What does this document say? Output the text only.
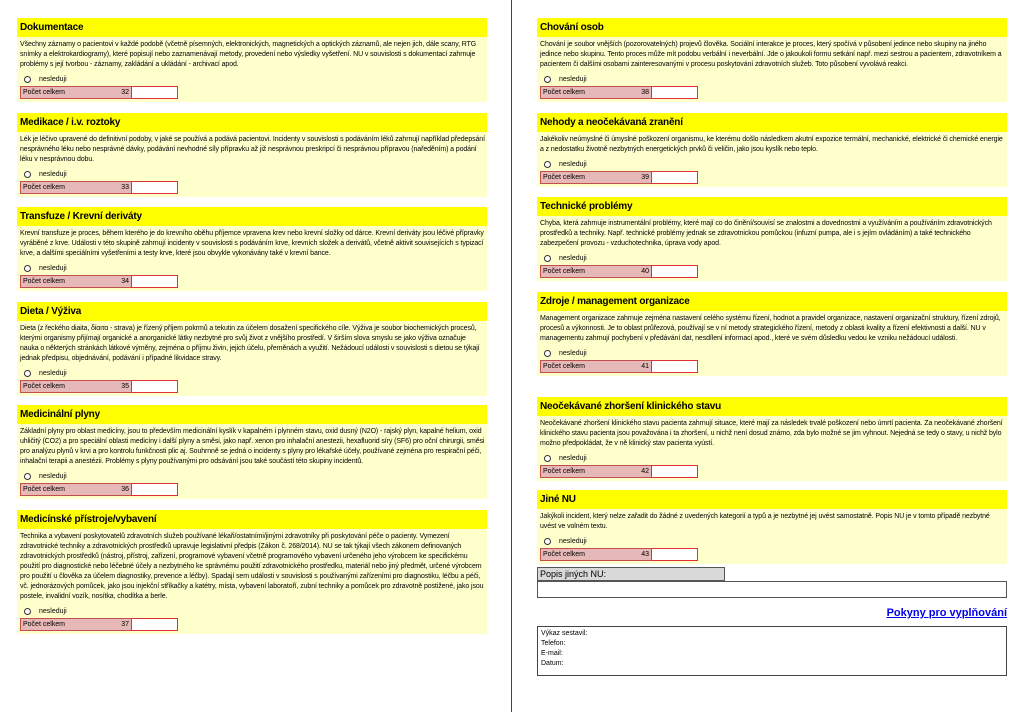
Dokumentace
Všechny záznamy o pacientovi v každé podobě (včetně písemných, elektronických, magnetických a optických záznamů, ale nejen jich, dále scany, RTG snímky a elektrokardiogramy), které popisují nebo zaznamenávají metody, provedení nebo výsledky vyšetření. NU v souvislosti s dokumentací zahrnuje problémy s její tvorbou - záznamy, zakládání a ukládání - archivací apod.
nesleduji
Počet celkem	32
Medikace / i.v. roztoky
Lék je léčivo upravené do definitivní podoby, v jaké se používá a podává pacientovi. Incidenty v souvislosti s podáváním léků zahrnují například předepsání nesprávného léku nebo nesprávné dávky, podávání nevhodné síly přípravku až již nesprávnou preskripcí či nesprávnou přípravou (naředěním) a podání léku v nesprávnou dobu.
nesleduji
Počet celkem	33
Transfuze / Krevní deriváty
Krevní transfuze je proces, během kterého je do krevního oběhu příjemce vpravena krev nebo krevní složky od dárce. Krevní deriváty jsou léčivé přípravky vyráběné z krve. Události v této skupině zahrnují incidenty v souvislosti s podáváním krve, krevních složek a derivátů, včetně aktivit souvisejících s typizací krve, a dalšími speciálními vyšetřeními a testy krve, které jsou obvykle vykonávány také v krevní bance.
nesleduji
Počet celkem	34
Dieta / Výživa
Dieta (z řeckého diaita, δίαιτα - strava) je řízený příjem pokrmů a tekutin za účelem dosažení specifického cíle. Výživa je soubor biochemických procesů, kterými organismy přijímají organické a anorganické látky nezbytné pro svůj život z vnějšího prostředí. V širším slova smyslu se jako výživa označuje nauka o některých stránkách látkové výměny, zejména o příjmu živin, jejich účelu, přeměnách a využití. Nežádoucí události v souvislosti s dietou se týkají jednak předpisu, objednávání, podávání i případné likvidace stravy.
nesleduji
Počet celkem	35
Medicinální plyny
Základní plyny pro oblast medicíny, jsou to především medicinální kyslík v kapalném i plynném stavu, oxid dusný (N2O) - rajský plyn, kapalné helium, oxid uhličitý (CO2) a pro speciální oblasti medicíny i další plyny a směsi, jako např. xenon pro inhalační anestezii, hexafluorid síry (SF6) pro oční chirurgii, směsi pro analýzu plynů v krvi a pro kontrolu funkčnosti plic aj. Souhrnně se jedná o incidenty s plyny pro lékařské účely, používané zejména pro respirační péči, inhalační terapii a anestézii. Problémy s plyny používanými pro odsávání jsou také součástí této skupiny incidentů.
nesleduji
Počet celkem	36
Medicínské přístroje/vybavení
Technika a vybavení poskytovatelů zdravotních služeb používané lékaři/ostatními/jinými zdravotníky při poskytování péče o pacienty. Vymezení zdravotnické techniky a zdravotnických prostředků upravuje legislativní předpis (Zákon č. 268/2014). NU se tak týkají všech zákonem definovaných zdravotnických prostředků (nástroj, přístroj, zařízení, programové vybavení včetně programového vybavení určeného jeho výrobcem ke specifickému použití pro diagnostické nebo léčebné účely a nezbytného ke správnému použití zdravotnického prostředku, materiál nebo jiný předmět, určené výrobcem pro použití u člověka za účelem diagnostiky, prevence a léčby). Spadají sem události v souvislosti s používanými zařízeními pro diagnostiku, léčbu a péči, vč. jednorázových pomůcek, jako jsou injekční stříkačky a katétry, místa, vybavení laboratoří, zubní techniky a pomůcek pro zdravotně postižené, jako jsou postele, invalidní vozík, nosítka, chodítka a berle.
nesleduji
Počet celkem	37
Chování osob
Chování je soubor vnějších (pozorovatelných) projevů člověka. Sociální interakce je proces, který spočívá v působení jedince nebo skupiny na jiného jedince nebo skupinu. Tento proces může mít podobu verbální i neverbální. Jde o jakoukoli formu setkání např. mezi sestrou a pacientem, zdravotníkem a pacientem či dalšími osobami zainteresovanými v procesu poskytování zdravotních služeb. Toto působení vyvolává reakci.
nesleduji
Počet celkem	38
Nehody a neočekávaná zranění
Jakékoliv neúmyslné či úmyslné poškození organismu, ke kterému došlo následkem akutní expozice termální, mechanické, elektrické či chemické energie a z nedostatku životně nezbytných energetických prvků či veličin, jako jsou kyslík nebo teplo.
nesleduji
Počet celkem	39
Technické problémy
Chyba, která zahrnuje instrumentální problémy, které mají co do činění/souvisí se znalostmi a dovednostmi a využíváním a používáním zdravotnických prostředků a techniky. Např. technické problémy jednak se zdravotnickou pomůckou (infuzní pumpa, ale i s jejím ovládáním) a také technického zabezpečení provozu - vzduchotechnika, úprava vody apod.
nesleduji
Počet celkem	40
Zdroje / management organizace
Management organizace zahrnuje zejména nastavení celého systému řízení, hodnot a pravidel organizace, nastavení organizační struktury, řízení zdrojů, procesů a výkonnosti. Je to oblast průřezová, používají se v ní metody strategického řízení, metody z oblasti kvality a řízení efektivnosti a další. NU v managementu zahrnují pochybení v předávání dat, nesdílení informací apod., které ve svém důsledku vedou ke vzniku nežádoucí události.
nesleduji
Počet celkem	41
Neočekávané zhoršení klinického stavu
Neočekávané zhoršení klinického stavu pacienta zahrnují situace, které mají za následek trvalé poškození nebo úmrtí pacienta. Za neočekávané zhoršení klinického stavu pacienta jsou považována i ta zhoršení, u nichž není dosud známo, zda bylo možné se jim vyhnout. Nejedná se tedy o stavy, u nichž bylo možno předpokládat, že v ně klinický stav pacienta vyústí.
nesleduji
Počet celkem	42
Jiné NU
Jakýkoli incident, který nelze zařadit do žádné z uvedených kategorií a typů a je nezbytné jej uvést samostatně. Popis NU je v tomto případě nezbytné uvést ve volném textu.
nesleduji
Počet celkem	43
Popis jiných NU:
Pokyny pro vyplňování
Výkaz sestavil:
Telefon:
E-mail:
Datum:
